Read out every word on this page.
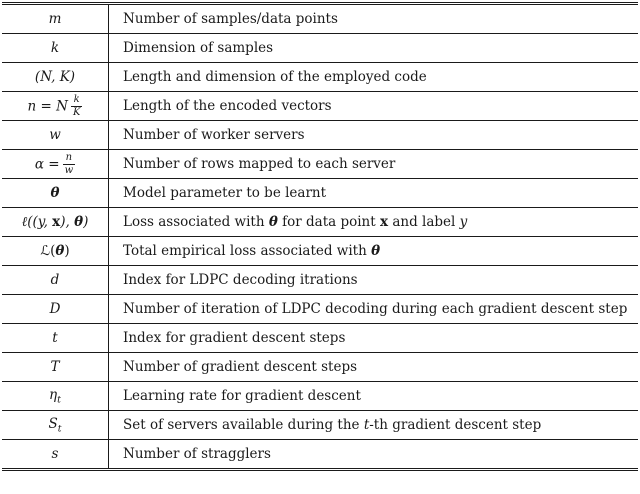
m	Number of samples/data points
k	Dimension of samples
(N, K)	Length and dimension of the employed code
n = N $\frac{k}{K}$	Length of the encoded vectors
w	Number of worker servers
$\alpha = \frac{n}{w}$	Number of rows mapped to each server
θ	Model parameter to be learnt
ℓ((y, x), θ)	Loss associated with θ for data point x and label y
ℒ(θ)	Total empirical loss associated with θ
d	Index for LDPC decoding itrations
D	Number of iteration of LDPC decoding during each gradient descent step
t	Index for gradient descent steps
T	Number of gradient descent steps
$\eta_t$	Learning rate for gradient descent
$S_t$	Set of servers available during the t-th gradient descent step
s	Number of stragglers
